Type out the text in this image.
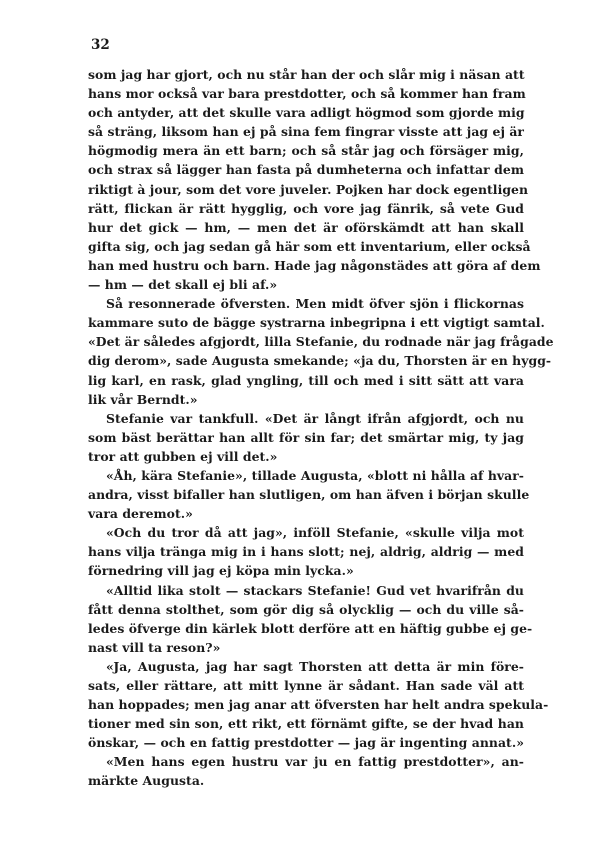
32
som jag har gjort, och nu står han der och slår mig i näsan att
hans mor också var bara prestdotter, och så kommer han fram
och antyder, att det skulle vara adligt högmod som gjorde mig
så sträng, liksom han ej på sina fem fingrar visste att jag ej är
högmodig mera än ett barn; och så står jag och försäger mig,
och strax så lägger han fasta på dumheterna och infattar dem
riktigt à jour, som det vore juveler. Pojken har dock egentligen
rätt, flickan är rätt hygglig, och vore jag fänrik, så vete Gud
hur det gick — hm, — men det är oförskämdt att han skall
gifta sig, och jag sedan gå här som ett inventarium, eller också
han med hustru och barn. Hade jag någonstädes att göra af dem
— hm — det skall ej bli af.»
Så resonnerade öfversten. Men midt öfver sjön i flickornas
kammare suto de bägge systrarna inbegripna i ett vigtigt samtal.
«Det är således afgjordt, lilla Stefanie, du rodnade när jag frågade
dig derom», sade Augusta smekande; «ja du, Thorsten är en hygg-
lig karl, en rask, glad yngling, till och med i sitt sätt att vara
lik vår Berndt.»
Stefanie var tankfull. «Det är långt ifrån afgjordt, och nu
som bäst berättar han allt för sin far; det smärtar mig, ty jag
tror att gubben ej vill det.»
«Åh, kära Stefanie», tillade Augusta, «blott ni hålla af hvar-
andra, visst bifaller han slutligen, om han äfven i början skulle
vara deremot.»
«Och du tror då att jag», inföll Stefanie, «skulle vilja mot
hans vilja tränga mig in i hans slott; nej, aldrig, aldrig — med
förnedring vill jag ej köpa min lycka.»
«Alltid lika stolt — stackars Stefanie! Gud vet hvarifrån du
fått denna stolthet, som gör dig så olycklig — och du ville så-
ledes öfverge din kärlek blott derföre att en häftig gubbe ej ge-
nast vill ta reson?»
«Ja, Augusta, jag har sagt Thorsten att detta är min före-
sats, eller rättare, att mitt lynne är sådant. Han sade väl att
han hoppades; men jag anar att öfversten har helt andra spekula-
tioner med sin son, ett rikt, ett förnämt gifte, se der hvad han
önskar, — och en fattig prestdotter — jag är ingenting annat.»
«Men hans egen hustru var ju en fattig prestdotter», an-
märkte Augusta.
